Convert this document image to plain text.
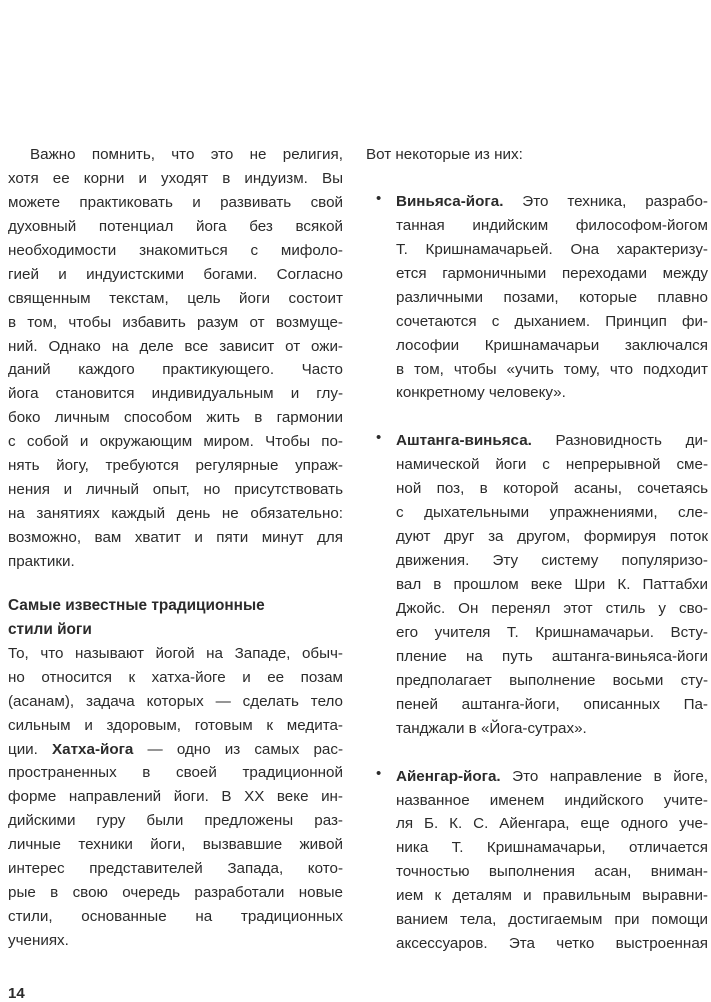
Важно помнить, что это не религия,
хотя ее корни и уходят в индуизм. Вы
можете практиковать и развивать свой
духовный потенциал йога без всякой
необходимости знакомиться с мифоло-
гией и индуистскими богами. Согласно
священным текстам, цель йоги состоит
в том, чтобы избавить разум от возмуще-
ний. Однако на деле все зависит от ожи-
даний каждого практикующего. Часто
йога становится индивидуальным и глу-
боко личным способом жить в гармонии
с собой и окружающим миром. Чтобы по-
нять йогу, требуются регулярные упраж-
нения и личный опыт, но присутствовать
на занятиях каждый день не обязательно:
возможно, вам хватит и пяти минут для
практики.
Самые известные традиционные
стили йоги
То, что называют йогой на Западе, обыч-
но относится к хатха-йоге и ее позам
(асанам), задача которых — сделать тело
сильным и здоровым, готовым к медита-
ции. Хатха-йога — одно из самых рас-
пространенных в своей традиционной
форме направлений йоги. В XX веке ин-
дийскими гуру были предложены раз-
личные техники йоги, вызвавшие живой
интерес представителей Запада, кото-
рые в свою очередь разработали новые
стили, основанные на традиционных
учениях.
Вот некоторые из них:
• Виньяса-йога. Это техника, разрабо-
танная индийским философом-йогом
Т. Кришнамачарьей. Она характеризу-
ется гармоничными переходами между
различными позами, которые плавно
сочетаются с дыханием. Принцип фи-
лософии Кришнамачарьи заключался
в том, чтобы «учить тому, что подходит
конкретному человеку».
• Аштанга-виньяса. Разновидность ди-
намической йоги с непрерывной сме-
ной поз, в которой асаны, сочетаясь
с дыхательными упражнениями, сле-
дуют друг за другом, формируя поток
движения. Эту систему популяризо-
вал в прошлом веке Шри К. Паттабхи
Джойс. Он перенял этот стиль у сво-
его учителя Т. Кришнамачарьи. Всту-
пление на путь аштанга-виньяса-йоги
предполагает выполнение восьми сту-
пеней аштанга-йоги, описанных Па-
танджали в «Йога-сутрах».
• Айенгар-йога. Это направление в йоге,
названное именем индийского учите-
ля Б. К. С. Айенгара, еще одного уче-
ника Т. Кришнамачарьи, отличается
точностью выполнения асан, вниман-
ием к деталям и правильным выравни-
ванием тела, достигаемым при помощи
аксессуаров. Эта четко выстроенная
14
